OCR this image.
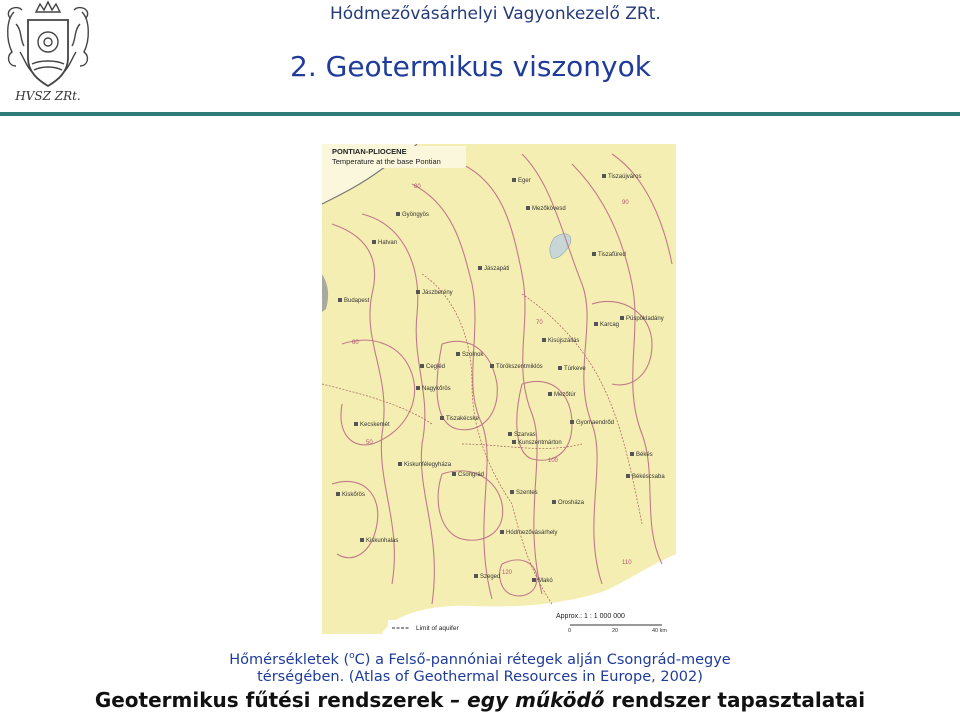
HVSZ ZRt.
Hódmezővásárhelyi Vagyonkezelő ZRt.
2. Geotermikus viszonyok
PONTIAN-PLIOCENE
Temperature at the base Pontian
Eger
Tiszaújváros
Gyöngyös
Mezőkövesd
Hatvan
Tiszafüred
Jászapáti
Budapest
Jászberény
Karcag
Püspökladány
Kisújszállás
Szolnok
Cegléd	Törökszentmiklós	Túrkeve
Mezőtúr
Nagykőrös
Tiszakécske
Kecskemét	Gyomaendrőd
Szarvas
Kunszentmárton
Békés
Kiskunfélegyháza
Csongrád	Békéscsaba
Szentes
Kiskőrös
Orosháza
Hódmezővásárhely
Kiskunhalas
Szeged
Makó
80
70
90
60
50
100
110
120
Approx.: 1 : 1 000 000
0	20	40 km
Limit of aquifer
Hőmérsékletek ($^o$C) a Felső-pannóniai rétegek alján Csongrád-megye
térségében. (Atlas of Geothermal Resources in Europe, 2002)
Geotermikus fűtési rendszerek – egy működő rendszer tapasztalatai
